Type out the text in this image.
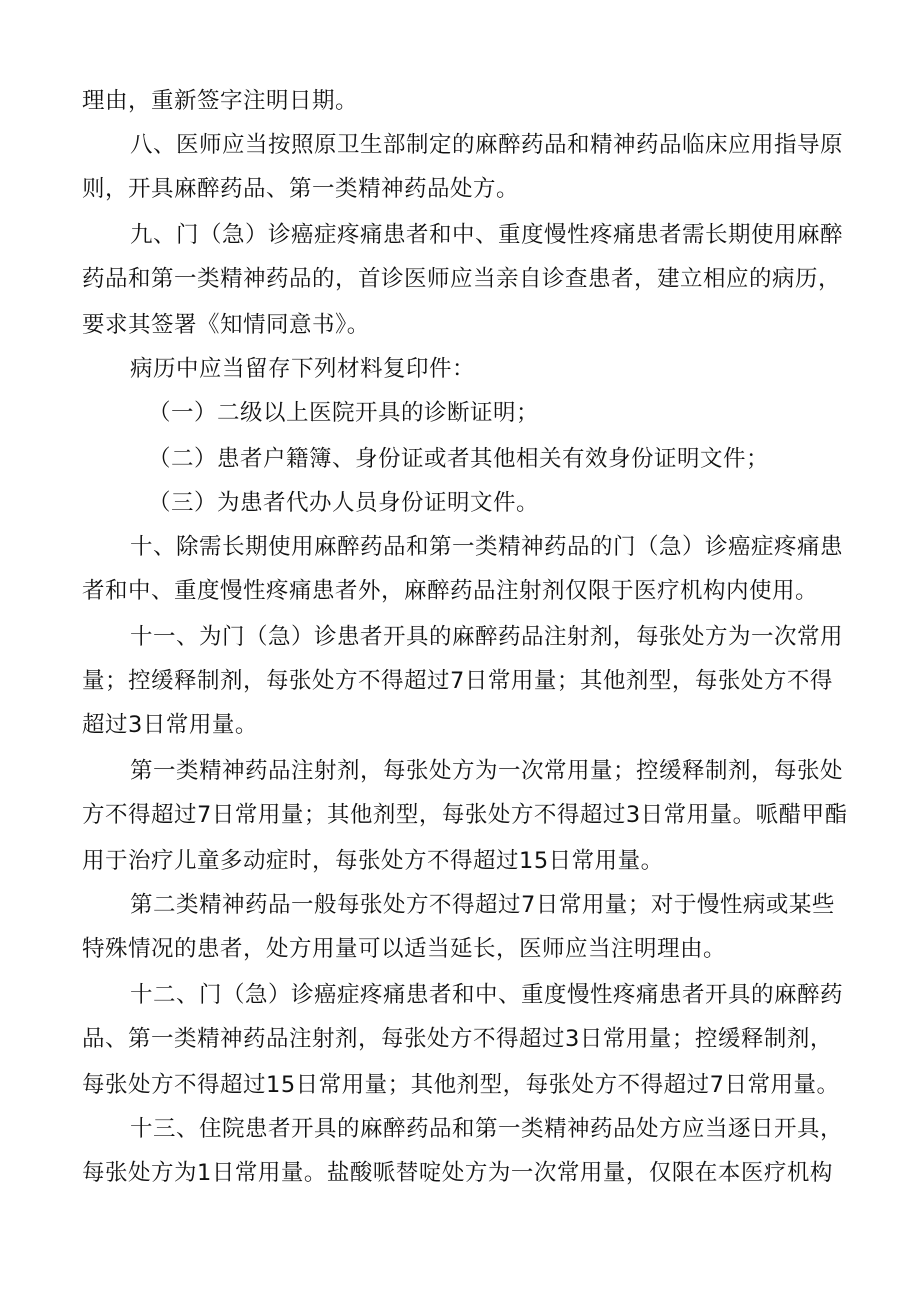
理由，重新签字注明日期。
八、医师应当按照原卫生部制定的麻醉药品和精神药品临床应用指导原
则，开具麻醉药品、第一类精神药品处方。
九、门（急）诊癌症疼痛患者和中、重度慢性疼痛患者需长期使用麻醉
药品和第一类精神药品的，首诊医师应当亲自诊查患者，建立相应的病历，
要求其签署《知情同意书》。
病历中应当留存下列材料复印件：
（一）二级以上医院开具的诊断证明；
（二）患者户籍簿、身份证或者其他相关有效身份证明文件；
（三）为患者代办人员身份证明文件。
十、除需长期使用麻醉药品和第一类精神药品的门（急）诊癌症疼痛患
者和中、重度慢性疼痛患者外，麻醉药品注射剂仅限于医疗机构内使用。
十一、为门（急）诊患者开具的麻醉药品注射剂，每张处方为一次常用
量；控缓释制剂，每张处方不得超过7日常用量；其他剂型，每张处方不得
超过3日常用量。
第一类精神药品注射剂，每张处方为一次常用量；控缓释制剂，每张处
方不得超过7日常用量；其他剂型，每张处方不得超过3日常用量。哌醋甲酯
用于治疗儿童多动症时，每张处方不得超过15日常用量。
第二类精神药品一般每张处方不得超过7日常用量；对于慢性病或某些
特殊情况的患者，处方用量可以适当延长，医师应当注明理由。
十二、门（急）诊癌症疼痛患者和中、重度慢性疼痛患者开具的麻醉药
品、第一类精神药品注射剂，每张处方不得超过3日常用量；控缓释制剂，
每张处方不得超过15日常用量；其他剂型，每张处方不得超过7日常用量。
十三、住院患者开具的麻醉药品和第一类精神药品处方应当逐日开具，
每张处方为1日常用量。盐酸哌替啶处方为一次常用量，仅限在本医疗机构
